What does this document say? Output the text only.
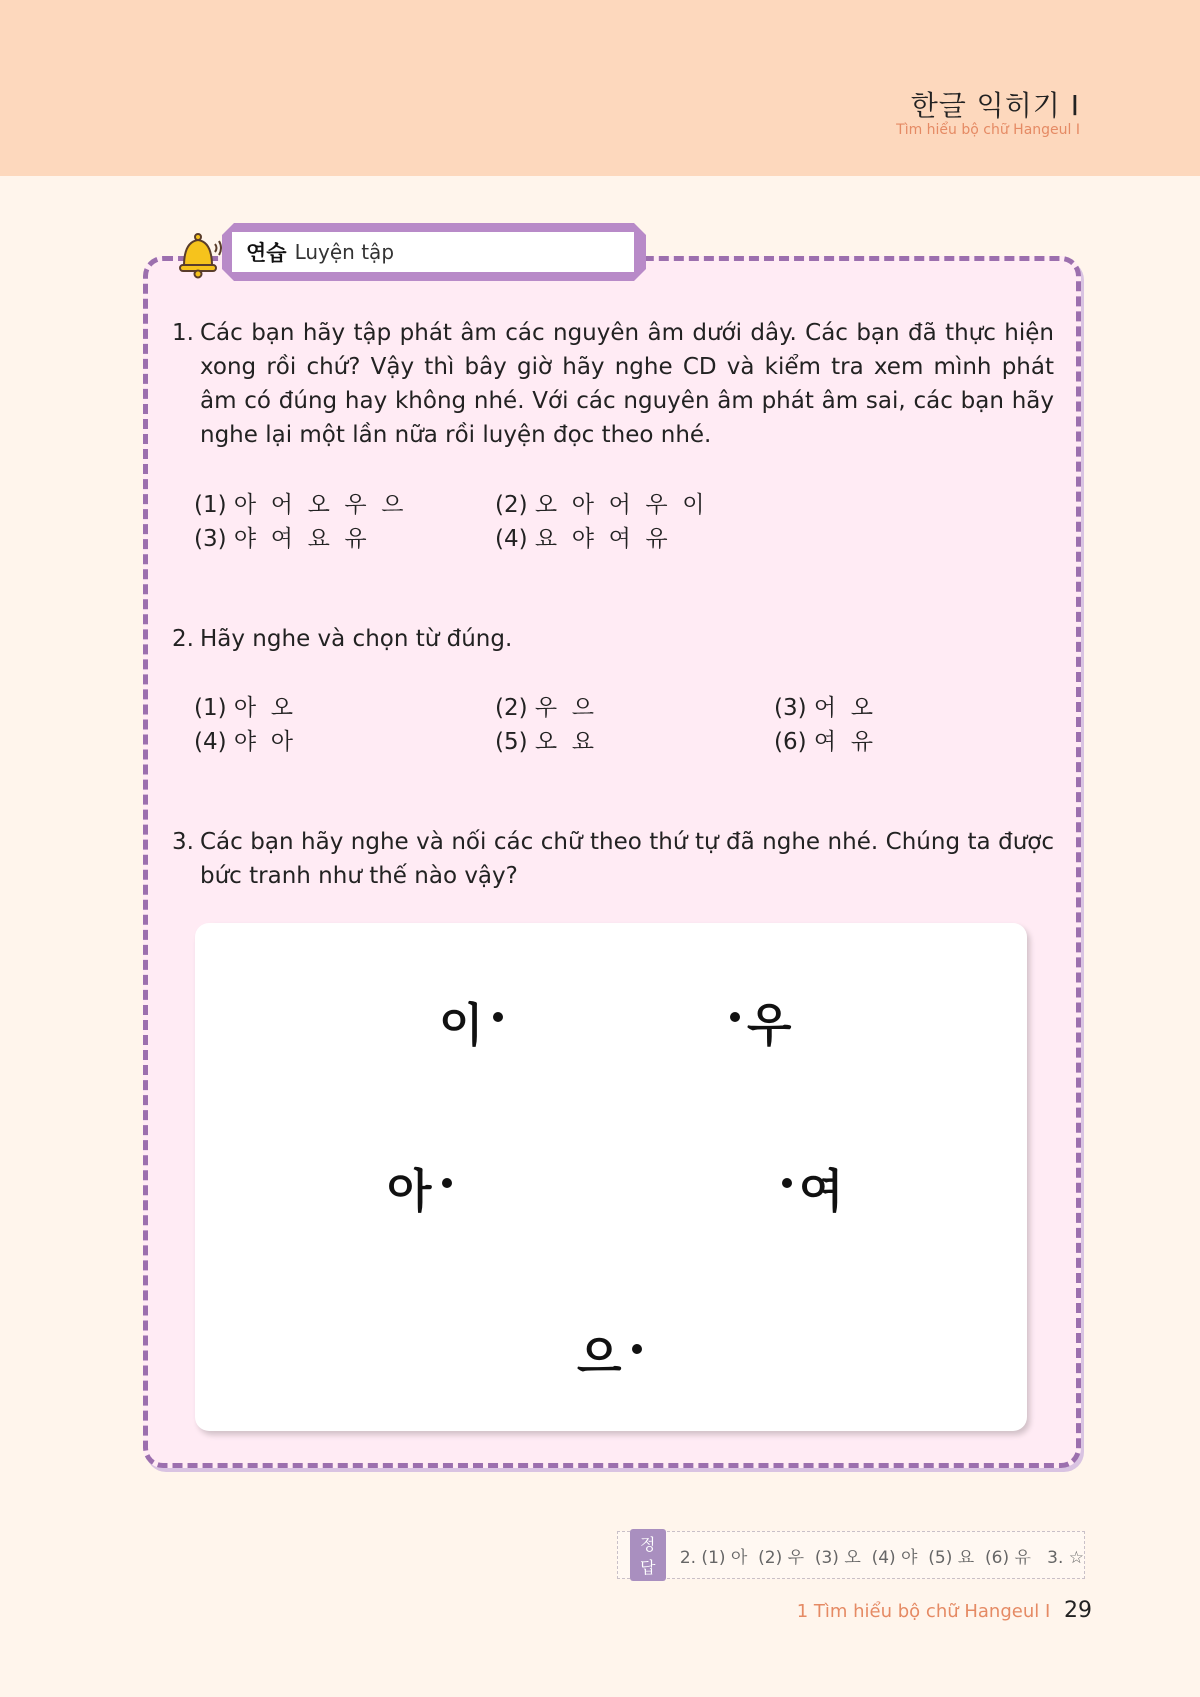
한글 익히기 I
Tìm hiểu bộ chữ Hangeul I
연습 Luyện tập
1. Các bạn hãy tập phát âm các nguyên âm dưới dây. Các bạn đã thực hiện xong rồi chứ? Vậy thì bây giờ hãy nghe CD và kiểm tra xem mình phát âm có đúng hay không nhé. Với các nguyên âm phát âm sai, các bạn hãy nghe lại một lần nữa rồi luyện đọc theo nhé.
(1) 아  어  오  우  으	(2) 오  아  어  우  이
(3) 야  여  요  유	(4) 요  야  여  유
2. Hãy nghe và chọn từ đúng.
(1) 아  오	(2) 우  으	(3) 어  오
(4) 야  아	(5) 오  요	(6) 여  유
3. Các bạn hãy nghe và nối các chữ theo thứ tự đã nghe nhé. Chúng ta được bức tranh như thế nào vậy?
이	우
아	여
으
정답	2. (1) 아  (2) 우  (3) 오  (4) 야  (5) 요  (6) 유   3. ☆
1 Tìm hiểu bộ chữ Hangeul I 29
